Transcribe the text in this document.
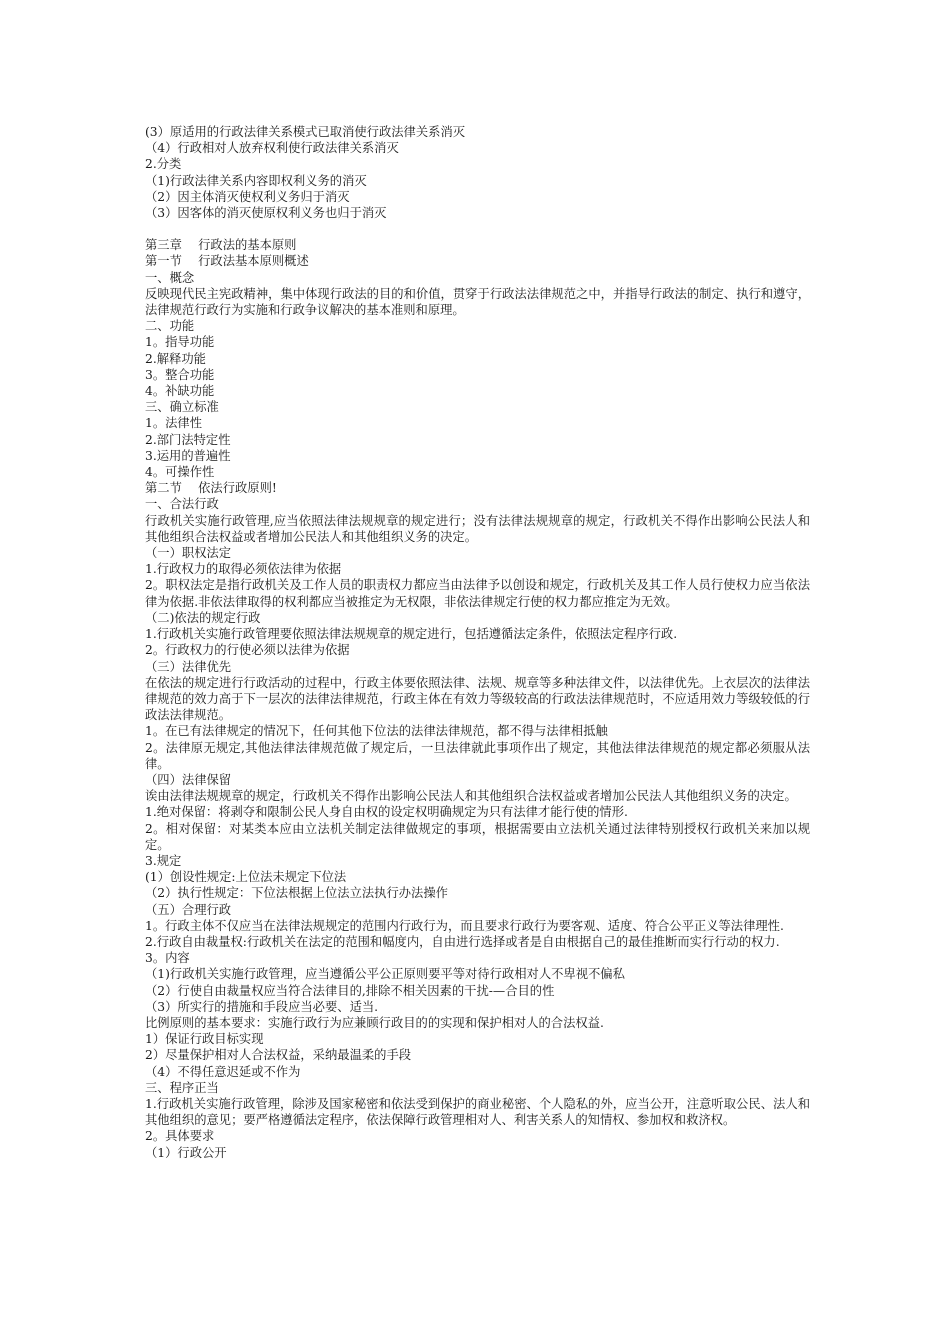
(3）原适用的行政法律关系模式已取消使行政法律关系消灭

（4）行政相对人放弃权利使行政法律关系消灭

2.分类

（1)行政法律关系内容即权利义务的消灭

（2）因主体消灭使权利义务归于消灭

（3）因客体的消灭使原权利义务也归于消灭

第三章　 行政法的基本原则

第一节　 行政法基本原则概述

一、概念

反映现代民主宪政精神，集中体现行政法的目的和价值，贯穿于行政法法律规范之中，并指导行政法的制定、执行和遵守，法律规范行政行为实施和行政争议解决的基本准则和原理。

二、功能

1。指导功能

2.解释功能

3。整合功能

4。补缺功能

三、确立标准

1。法律性

2.部门法特定性

3.运用的普遍性

4。可操作性

第二节　 依法行政原则!

一、合法行政

行政机关实施行政管理,应当依照法律法规规章的规定进行；没有法律法规规章的规定，行政机关不得作出影响公民法人和其他组织合法权益或者增加公民法人和其他组织义务的决定。

（一）职权法定

1.行政权力的取得必须依法律为依据

2。职权法定是指行政机关及工作人员的职责权力都应当由法律予以创设和规定，行政机关及其工作人员行使权力应当依法律为依据.非依法律取得的权利都应当被推定为无权限，非依法律规定行使的权力都应推定为无效。

（二)依法的规定行政

1.行政机关实施行政管理要依照法律法规规章的规定进行，包括遵循法定条件，依照法定程序行政.

2。行政权力的行使必须以法律为依据

（三）法律优先

在依法的规定进行行政活动的过程中，行政主体要依照法律、法规、规章等多种法律文件，以法律优先。上衣层次的法律法律规范的效力高于下一层次的法律法律规范，行政主体在有效力等级较高的行政法法律规范时，不应适用效力等级较低的行政法法律规范。

1。在已有法律规定的情况下，任何其他下位法的法律法律规范，都不得与法律相抵触

2。法律原无规定,其他法律法律规范做了规定后，一旦法律就此事项作出了规定，其他法律法律规范的规定都必须服从法律。

（四）法律保留

诶由法律法规规章的规定，行政机关不得作出影响公民法人和其他组织合法权益或者增加公民法人其他组织义务的决定。

1.绝对保留：将剥夺和限制公民人身自由权的设定权明确规定为只有法律才能行使的情形.

2。相对保留：对某类本应由立法机关制定法律做规定的事项，根据需要由立法机关通过法律特别授权行政机关来加以规定。

3.规定

(1）创设性规定:上位法未规定下位法

（2）执行性规定：下位法根据上位法立法执行办法操作

（五）合理行政

1。行政主体不仅应当在法律法规规定的范围内行政行为，而且要求行政行为要客观、适度、符合公平正义等法律理性.

2.行政自由裁量权:行政机关在法定的范围和幅度内，自由进行选择或者是自由根据自己的最佳推断而实行行动的权力.

3。内容

（1)行政机关实施行政管理，应当遵循公平公正原则要平等对待行政相对人不卑视不偏私

（2）行使自由裁量权应当符合法律目的,排除不相关因素的干扰-—合目的性

（3）所实行的措施和手段应当必要、适当.

比例原则的基本要求：实施行政行为应兼顾行政目的的实现和保护相对人的合法权益.

1）保证行政目标实现

2）尽量保护相对人合法权益，采纳最温柔的手段

（4）不得任意迟延或不作为

三、程序正当

1.行政机关实施行政管理，除涉及国家秘密和依法受到保护的商业秘密、个人隐私的外，应当公开，注意听取公民、法人和其他组织的意见；要严格遵循法定程序，依法保障行政管理相对人、利害关系人的知情权、参加权和救济权。

2。具体要求

（1）行政公开
